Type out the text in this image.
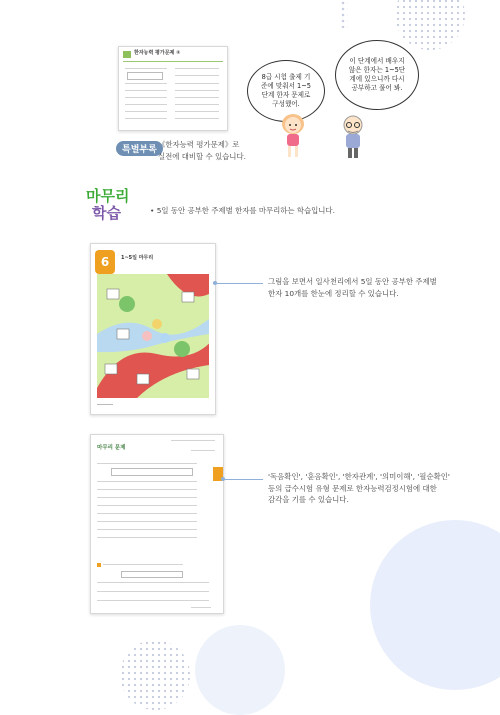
한자능력 평가문제 ①
특별부록
《한자능력 평가문제》로
실전에 대비할 수 있습니다.
8급 시험 출제 기준에 맞춰서 1~5단계 한자 문제로 구성했어.
이 단계에서 배우지 않은 한자는 1~5단계에 있으니까 다시 공부하고 풀어 봐.
마무리
학습	• 5일 동안 공부한 주제별 한자를 마무리하는 학습입니다.
6	1~5일 마무리
그림을 보면서 일사천리에서 5일 동안 공부한 주제별
한자 10개를 한눈에 정리할 수 있습니다.
마무리 문제
'독음확인', '훈음확인', '한자관계', '의미이해', '필순확인'
등의 급수시험 유형 문제로 한자능력검정시험에 대한
감각을 기를 수 있습니다.
